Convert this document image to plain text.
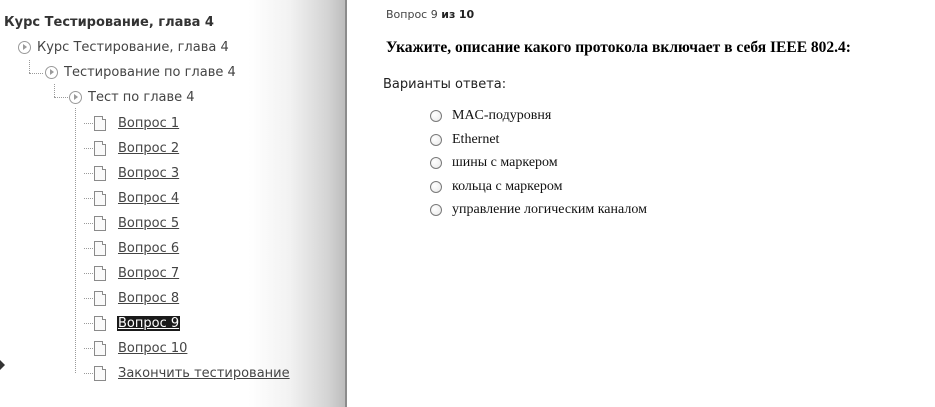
Курс Тестирование, глава 4
Курс Тестирование, глава 4
Тестирование по главе 4
Тест по главе 4
Вопрос 1
Вопрос 2
Вопрос 3
Вопрос 4
Вопрос 5
Вопрос 6
Вопрос 7
Вопрос 8
Вопрос 9
Вопрос 10
Закончить тестирование
Вопрос 9 из 10
Укажите, описание какого протокола включает в себя IEEE 802.4:
Варианты ответа:
MAC-подуровня
Ethernet
шины с маркером
кольца с маркером
управление логическим каналом
